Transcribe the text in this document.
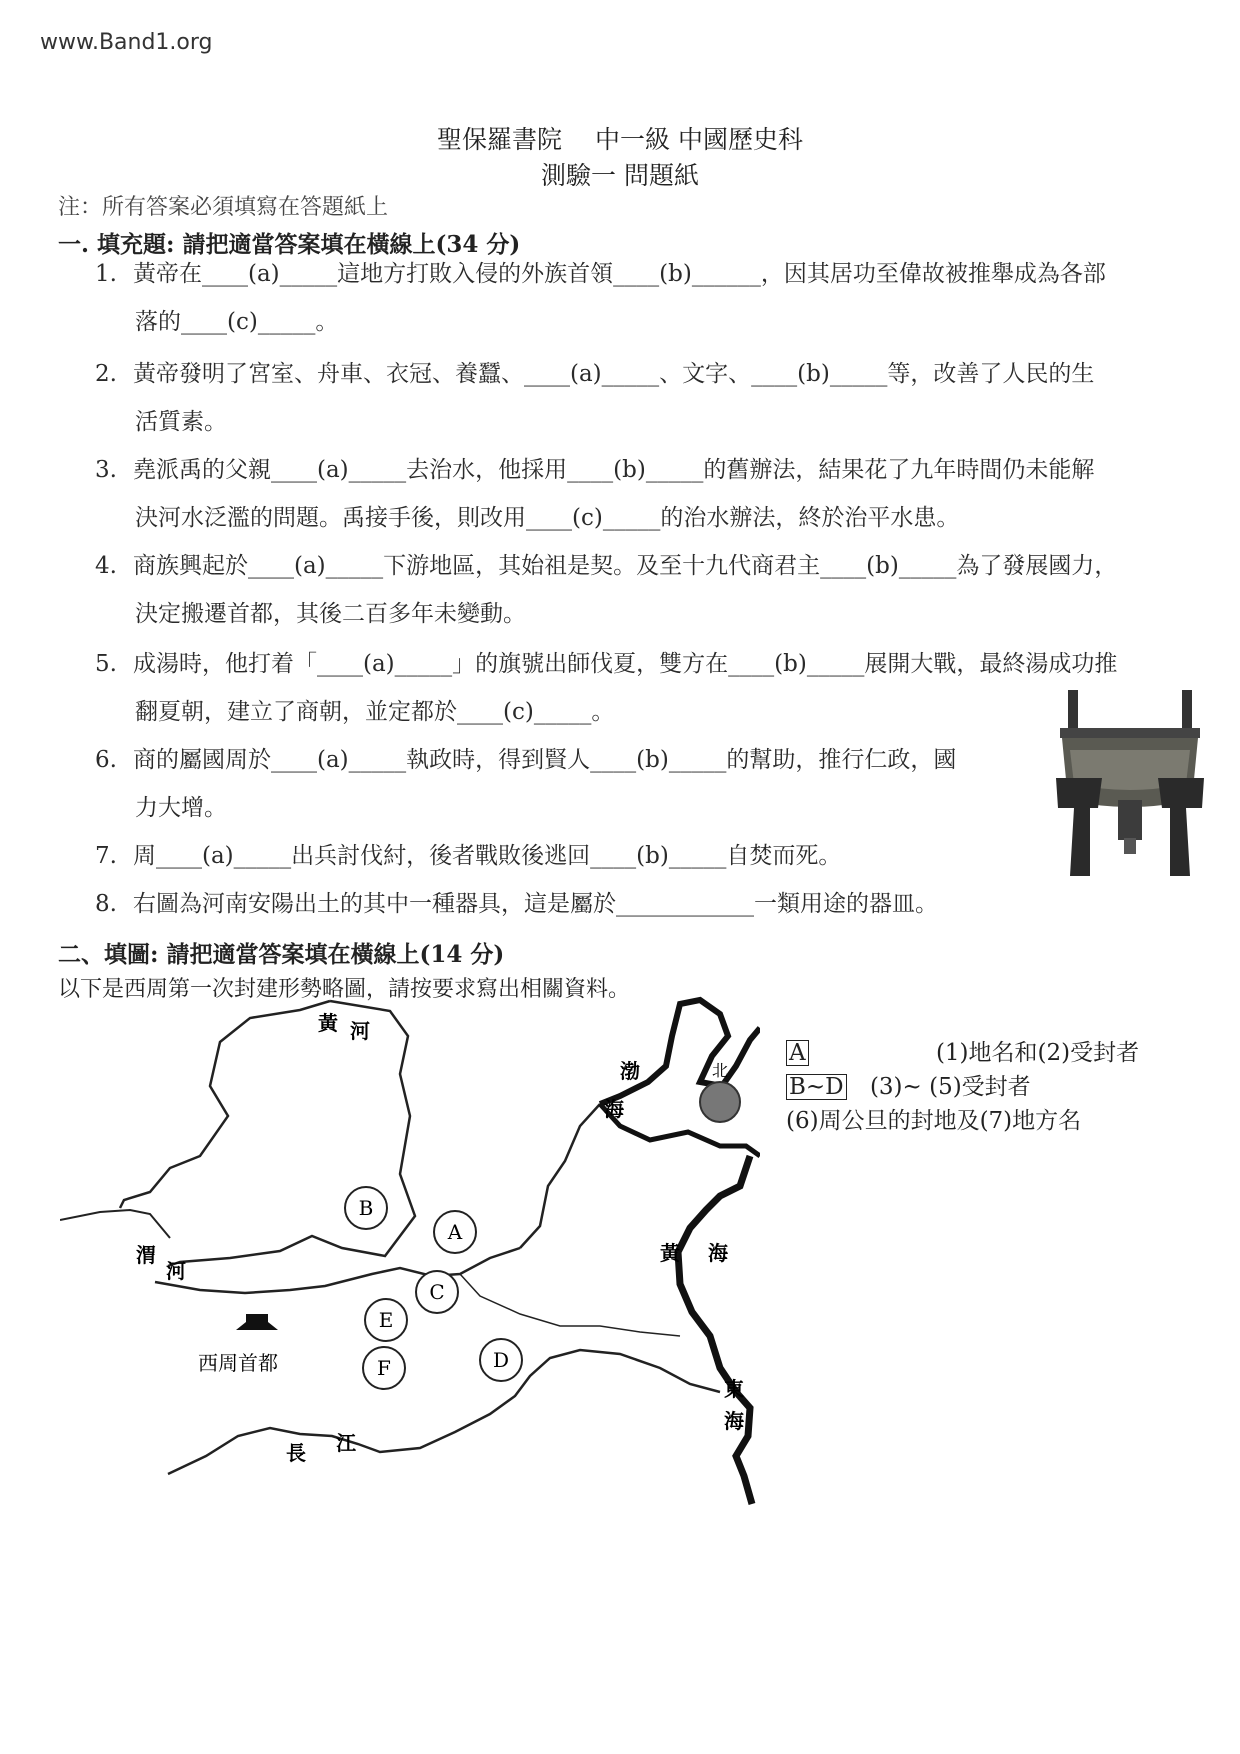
www.Band1.org
聖保羅書院　 中一級 中國歷史科
測驗一 問題紙
注：所有答案必須填寫在答題紙上
一. 填充題: 請把適當答案填在橫線上(34 分)
1. 黃帝在____(a)_____這地方打敗入侵的外族首領____(b)______，因其居功至偉故被推舉成為各部
落的____(c)_____。
2. 黃帝發明了宮室、舟車、衣冠、養蠶、____(a)_____、文字、____(b)_____等，改善了人民的生
活質素。
3. 堯派禹的父親____(a)_____去治水，他採用____(b)_____的舊辦法，結果花了九年時間仍未能解
決河水泛濫的問題。禹接手後，則改用____(c)_____的治水辦法，終於治平水患。
4. 商族興起於____(a)_____下游地區，其始祖是契。及至十九代商君主____(b)_____為了發展國力，
決定搬遷首都，其後二百多年未變動。
5. 成湯時，他打着「____(a)_____」的旗號出師伐夏，雙方在____(b)_____展開大戰，最終湯成功推
翻夏朝，建立了商朝，並定都於____(c)_____。
6. 商的屬國周於____(a)_____執政時，得到賢人____(b)_____的幫助，推行仁政，國
力大增。
7. 周____(a)_____出兵討伐紂，後者戰敗後逃回____(b)_____自焚而死。
8. 右圖為河南安陽出土的其中一種器具，這是屬於____________一類用途的器皿。
二、填圖: 請把適當答案填在橫線上(14 分)
以下是西周第一次封建形勢略圖，請按要求寫出相關資料。
黃 河
渭
河
長 江
渤
海
黃 海
東
海
北
西周首都
B
A
C
E
F	D
A	(1)地名和(2)受封者
B~D (3)~ (5)受封者
(6)周公旦的封地及(7)地方名
